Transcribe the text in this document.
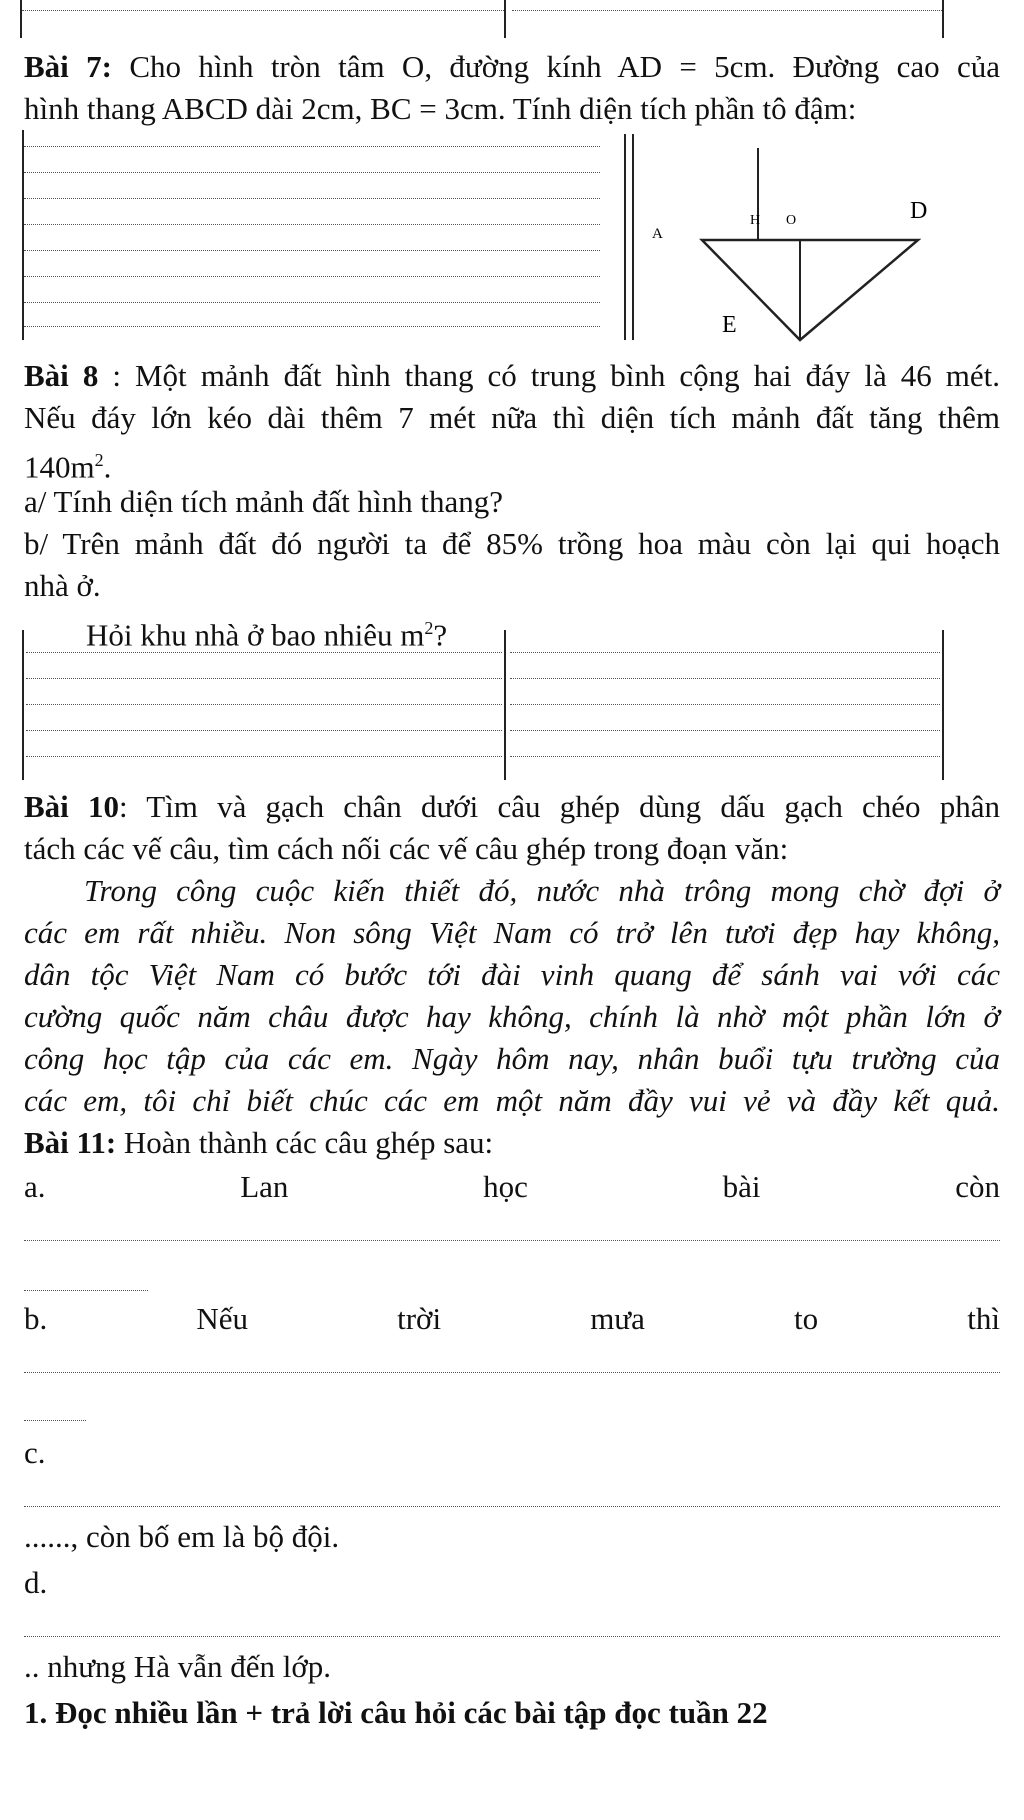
Bài 7: Cho hình tròn tâm O, đường kính AD = 5cm. Đường cao của
hình thang ABCD dài 2cm, BC = 3cm. Tính diện tích phần tô đậm:
H O	D
A
E
Bài 8 : Một mảnh đất hình thang có trung bình cộng hai đáy là 46 mét.
Nếu đáy lớn kéo dài thêm 7 mét nữa thì diện tích mảnh đất tăng thêm
$140m^2$.
a/ Tính diện tích mảnh đất hình thang?
b/ Trên mảnh đất đó người ta để 85% trồng hoa màu còn lại qui hoạch
nhà ở.
Hỏi khu nhà ở bao nhiêu $m^2$?
Bài 10: Tìm và gạch chân dưới câu ghép dùng dấu gạch chéo phân
tách các vế câu, tìm cách nối các vế câu ghép trong đoạn văn:
Trong công cuộc kiến thiết đó, nước nhà trông mong chờ đợi ở
các em rất nhiều. Non sông Việt Nam có trở lên tươi đẹp hay không,
dân tộc Việt Nam có bước tới đài vinh quang để sánh vai với các
cường quốc năm châu được hay không, chính là nhờ một phần lớn ở
công học tập của các em. Ngày hôm nay, nhân buổi tựu trường của
các em, tôi chỉ biết chúc các em một năm đầy vui vẻ và đầy kết quả.
Bài 11: Hoàn thành các câu ghép sau:
a.	Lan	học	bài	còn
b.	Nếu	trời	mưa	to	thì
c.
......, còn bố em là bộ đội.
d.
.. nhưng Hà vẫn đến lớp.
1. Đọc nhiều lần + trả lời câu hỏi các bài tập đọc tuần 22
